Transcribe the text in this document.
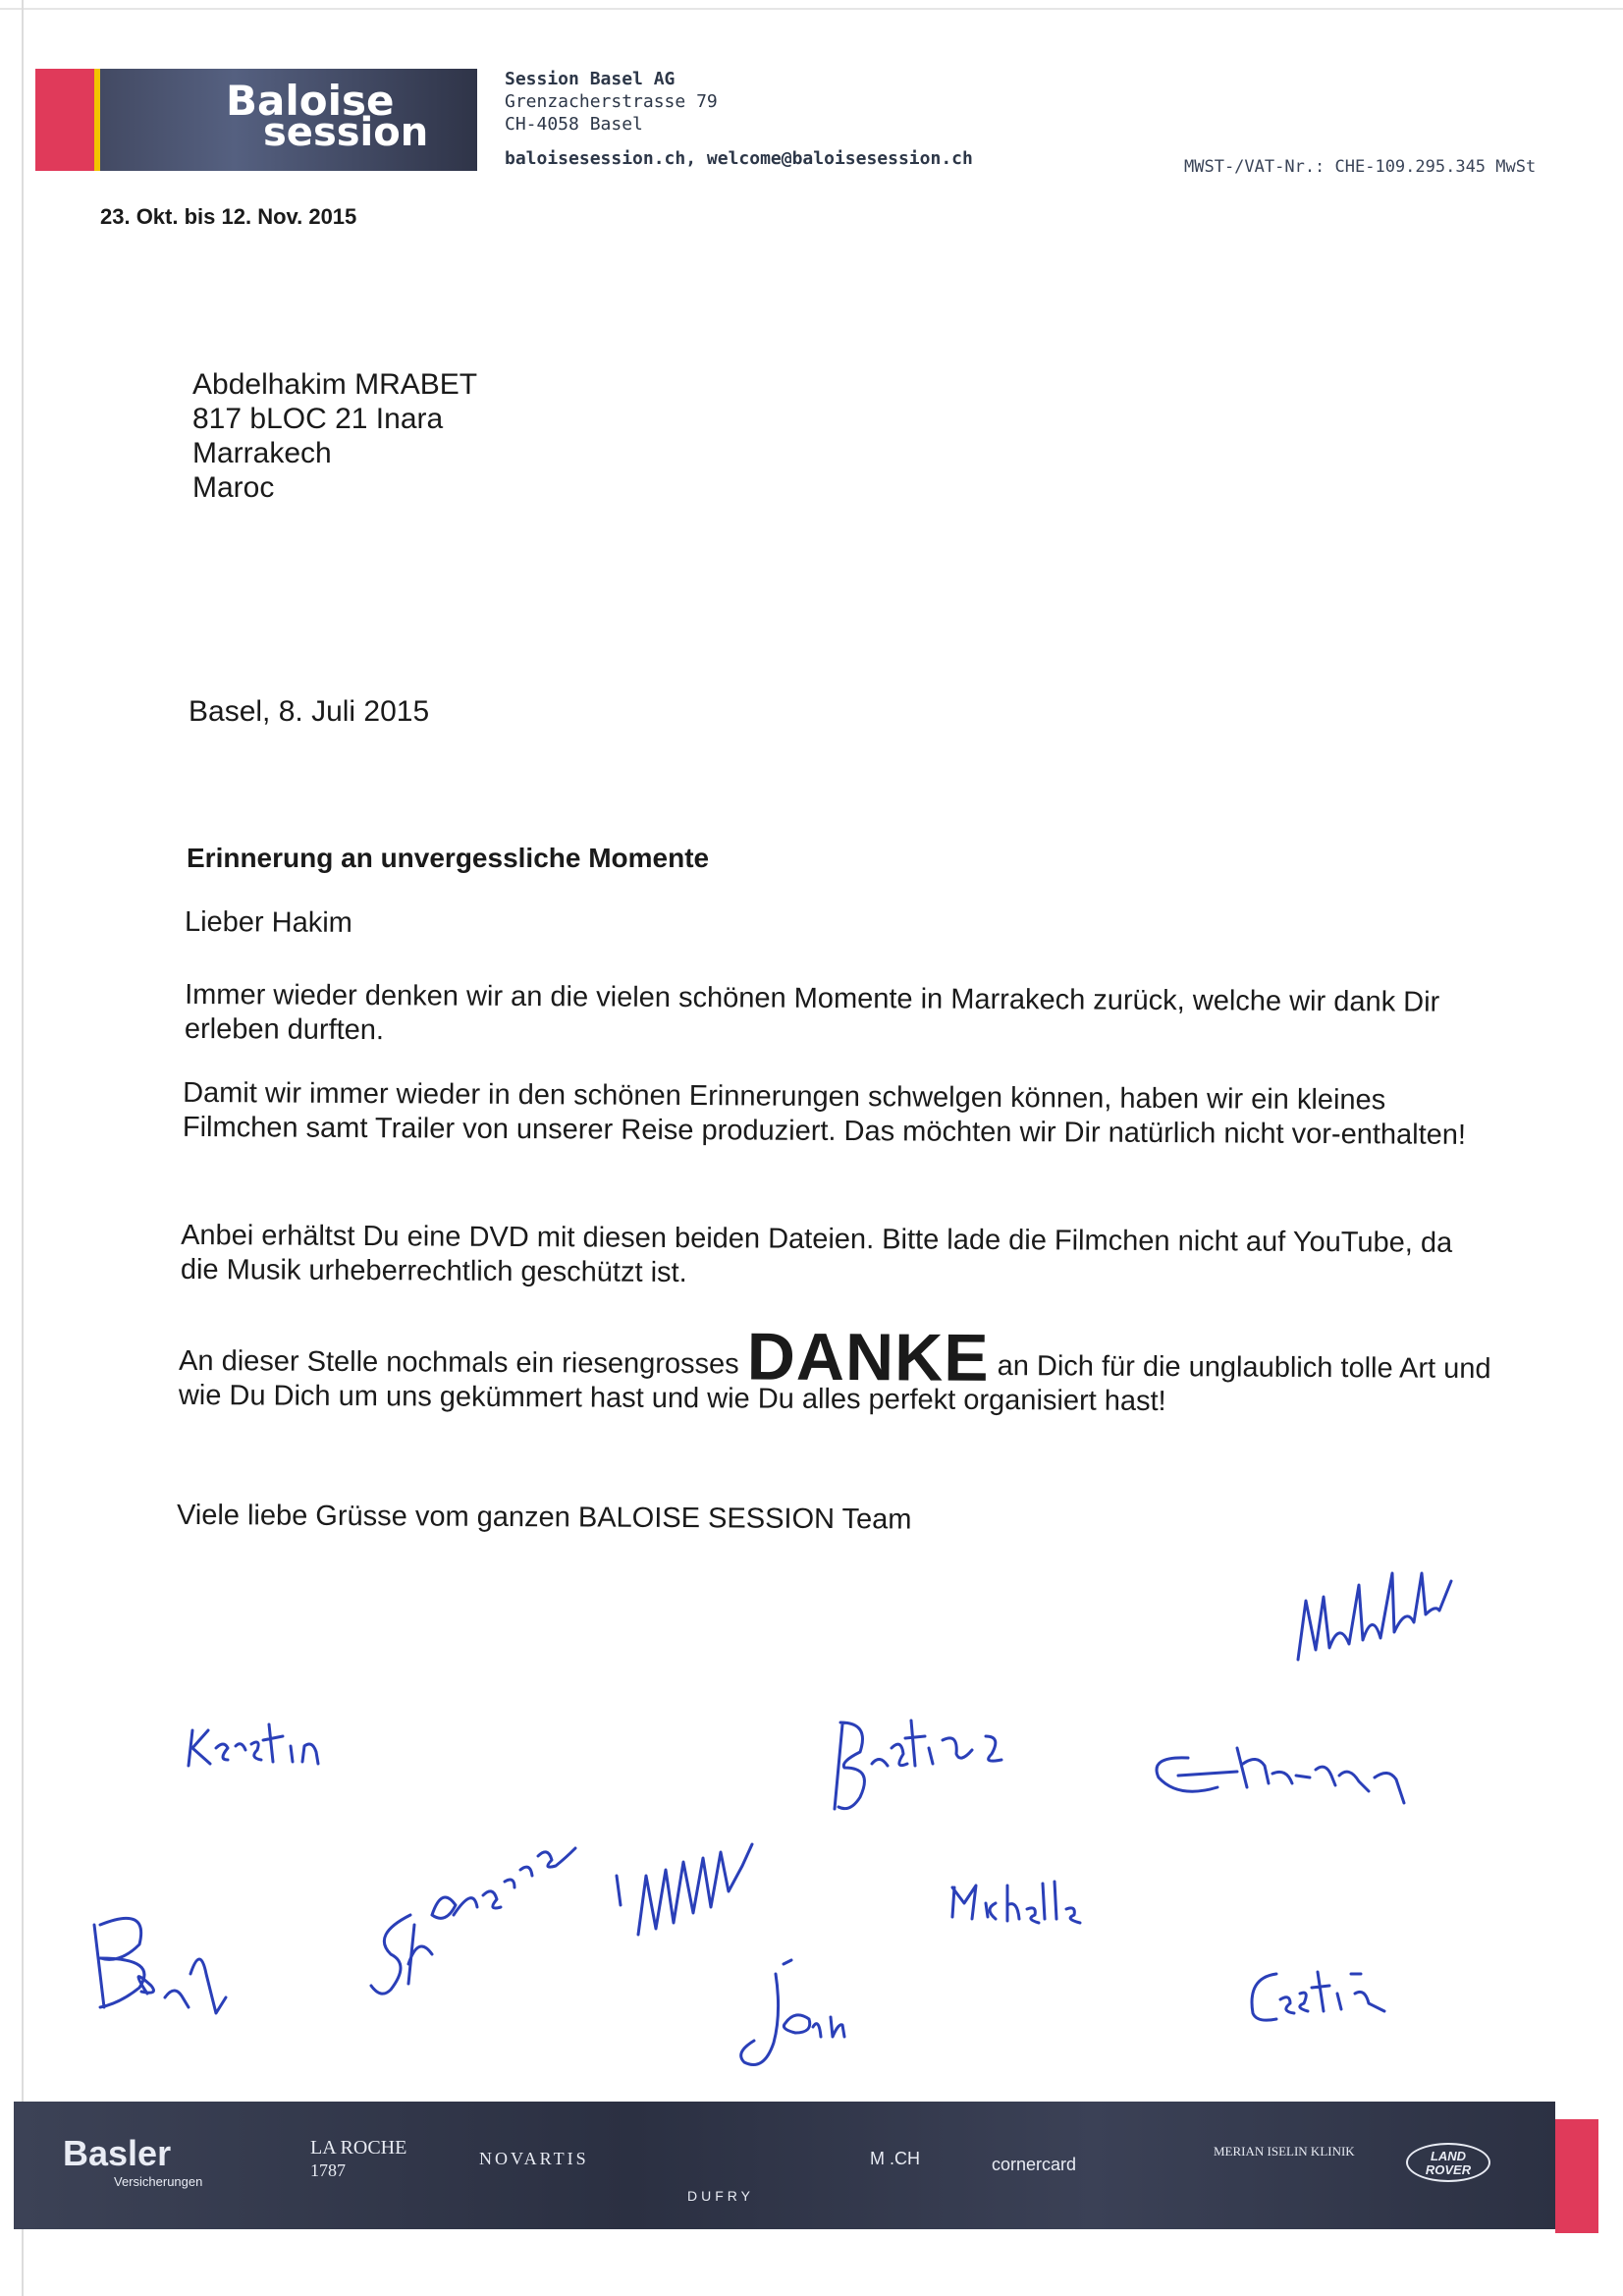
Baloise
session
Session Basel AG
Grenzacherstrasse 79
CH-4058 Basel
baloisesession.ch, welcome@baloisesession.ch	MWST-/VAT-Nr.: CHE-109.295.345 MwSt
23. Okt. bis 12. Nov. 2015
Abdelhakim MRABET
817 bLOC 21 Inara
Marrakech
Maroc
Basel, 8. Juli 2015
Erinnerung an unvergessliche Momente
Lieber Hakim
Immer wieder denken wir an die vielen schönen Momente in Marrakech zurück, welche wir dank Dir erleben durften.
Damit wir immer wieder in den schönen Erinnerungen schwelgen können, haben wir ein kleines Filmchen samt Trailer von unserer Reise produziert. Das möchten wir Dir natürlich nicht vor-enthalten!
Anbei erhältst Du eine DVD mit diesen beiden Dateien. Bitte lade die Filmchen nicht auf YouTube, da die Musik urheberrechtlich geschützt ist.
An dieser Stelle nochmals ein riesengrosses DANKE an Dich für die unglaublich tolle Art und wie Du Dich um uns gekümmert hast und wie Du alles perfekt organisiert hast!
Viele liebe Grüsse vom ganzen BALOISE SESSION Team
Basler
Versicherungen
LA ROCHE
1787
NOVARTIS
DUFRY
M .CH	cornercard
MERIAN ISELIN KLINIK	LAND ROVER
